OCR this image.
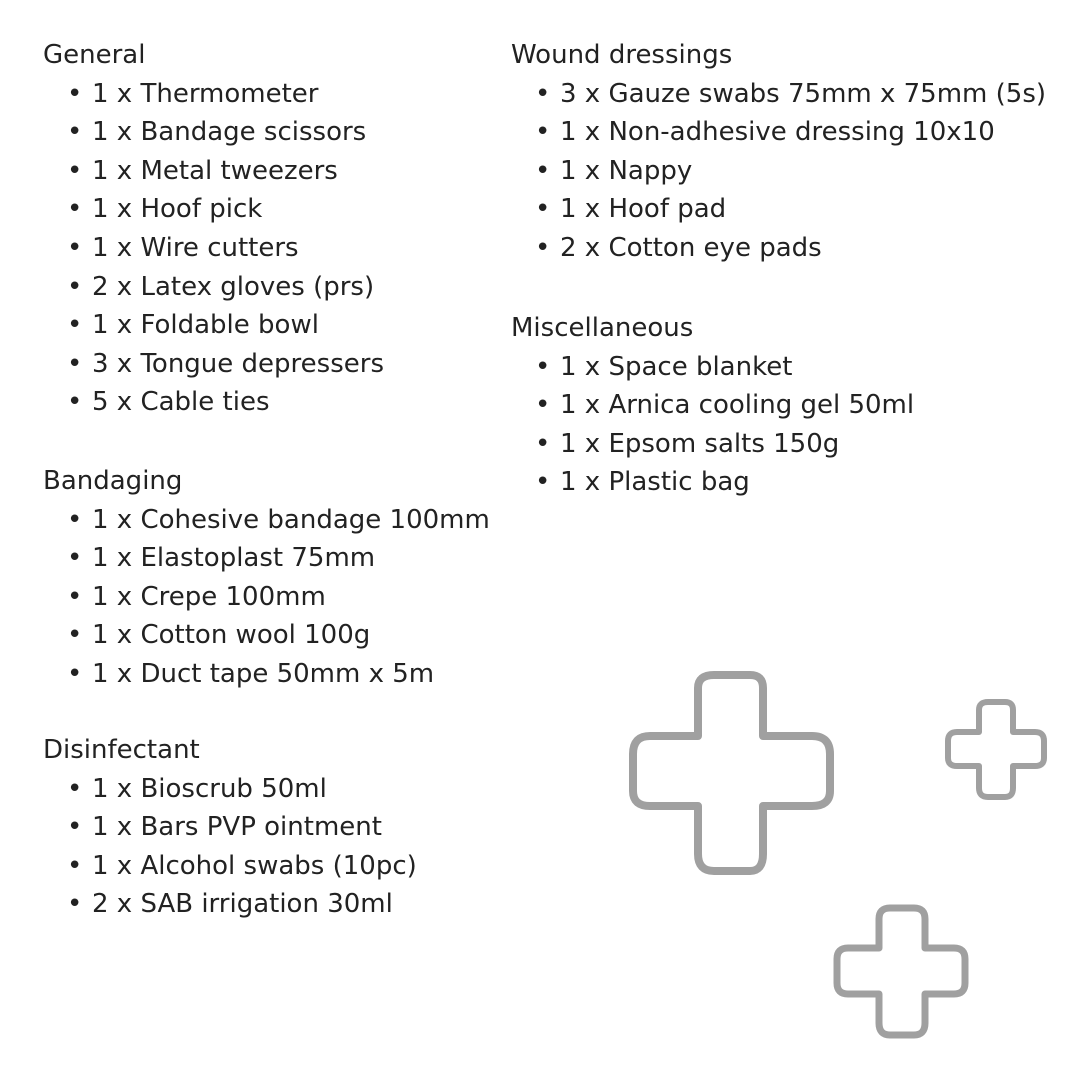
General
• 1 x Thermometer
• 1 x Bandage scissors
• 1 x Metal tweezers
• 1 x Hoof pick
• 1 x Wire cutters
• 2 x Latex gloves (prs)
• 1 x Foldable bowl
• 3 x Tongue depressers
• 5 x Cable ties
Bandaging
• 1 x Cohesive bandage 100mm
• 1 x Elastoplast 75mm
• 1 x Crepe 100mm
• 1 x Cotton wool 100g
• 1 x Duct tape 50mm x 5m
Disinfectant
• 1 x Bioscrub 50ml
• 1 x Bars PVP ointment
• 1 x Alcohol swabs (10pc)
• 2 x SAB irrigation 30ml
Wound dressings
• 3 x Gauze swabs 75mm x 75mm (5s)
• 1 x Non-adhesive dressing 10x10
• 1 x Nappy
• 1 x Hoof pad
• 2 x Cotton eye pads
Miscellaneous
• 1 x Space blanket
• 1 x Arnica cooling gel 50ml
• 1 x Epsom salts 150g
• 1 x Plastic bag
